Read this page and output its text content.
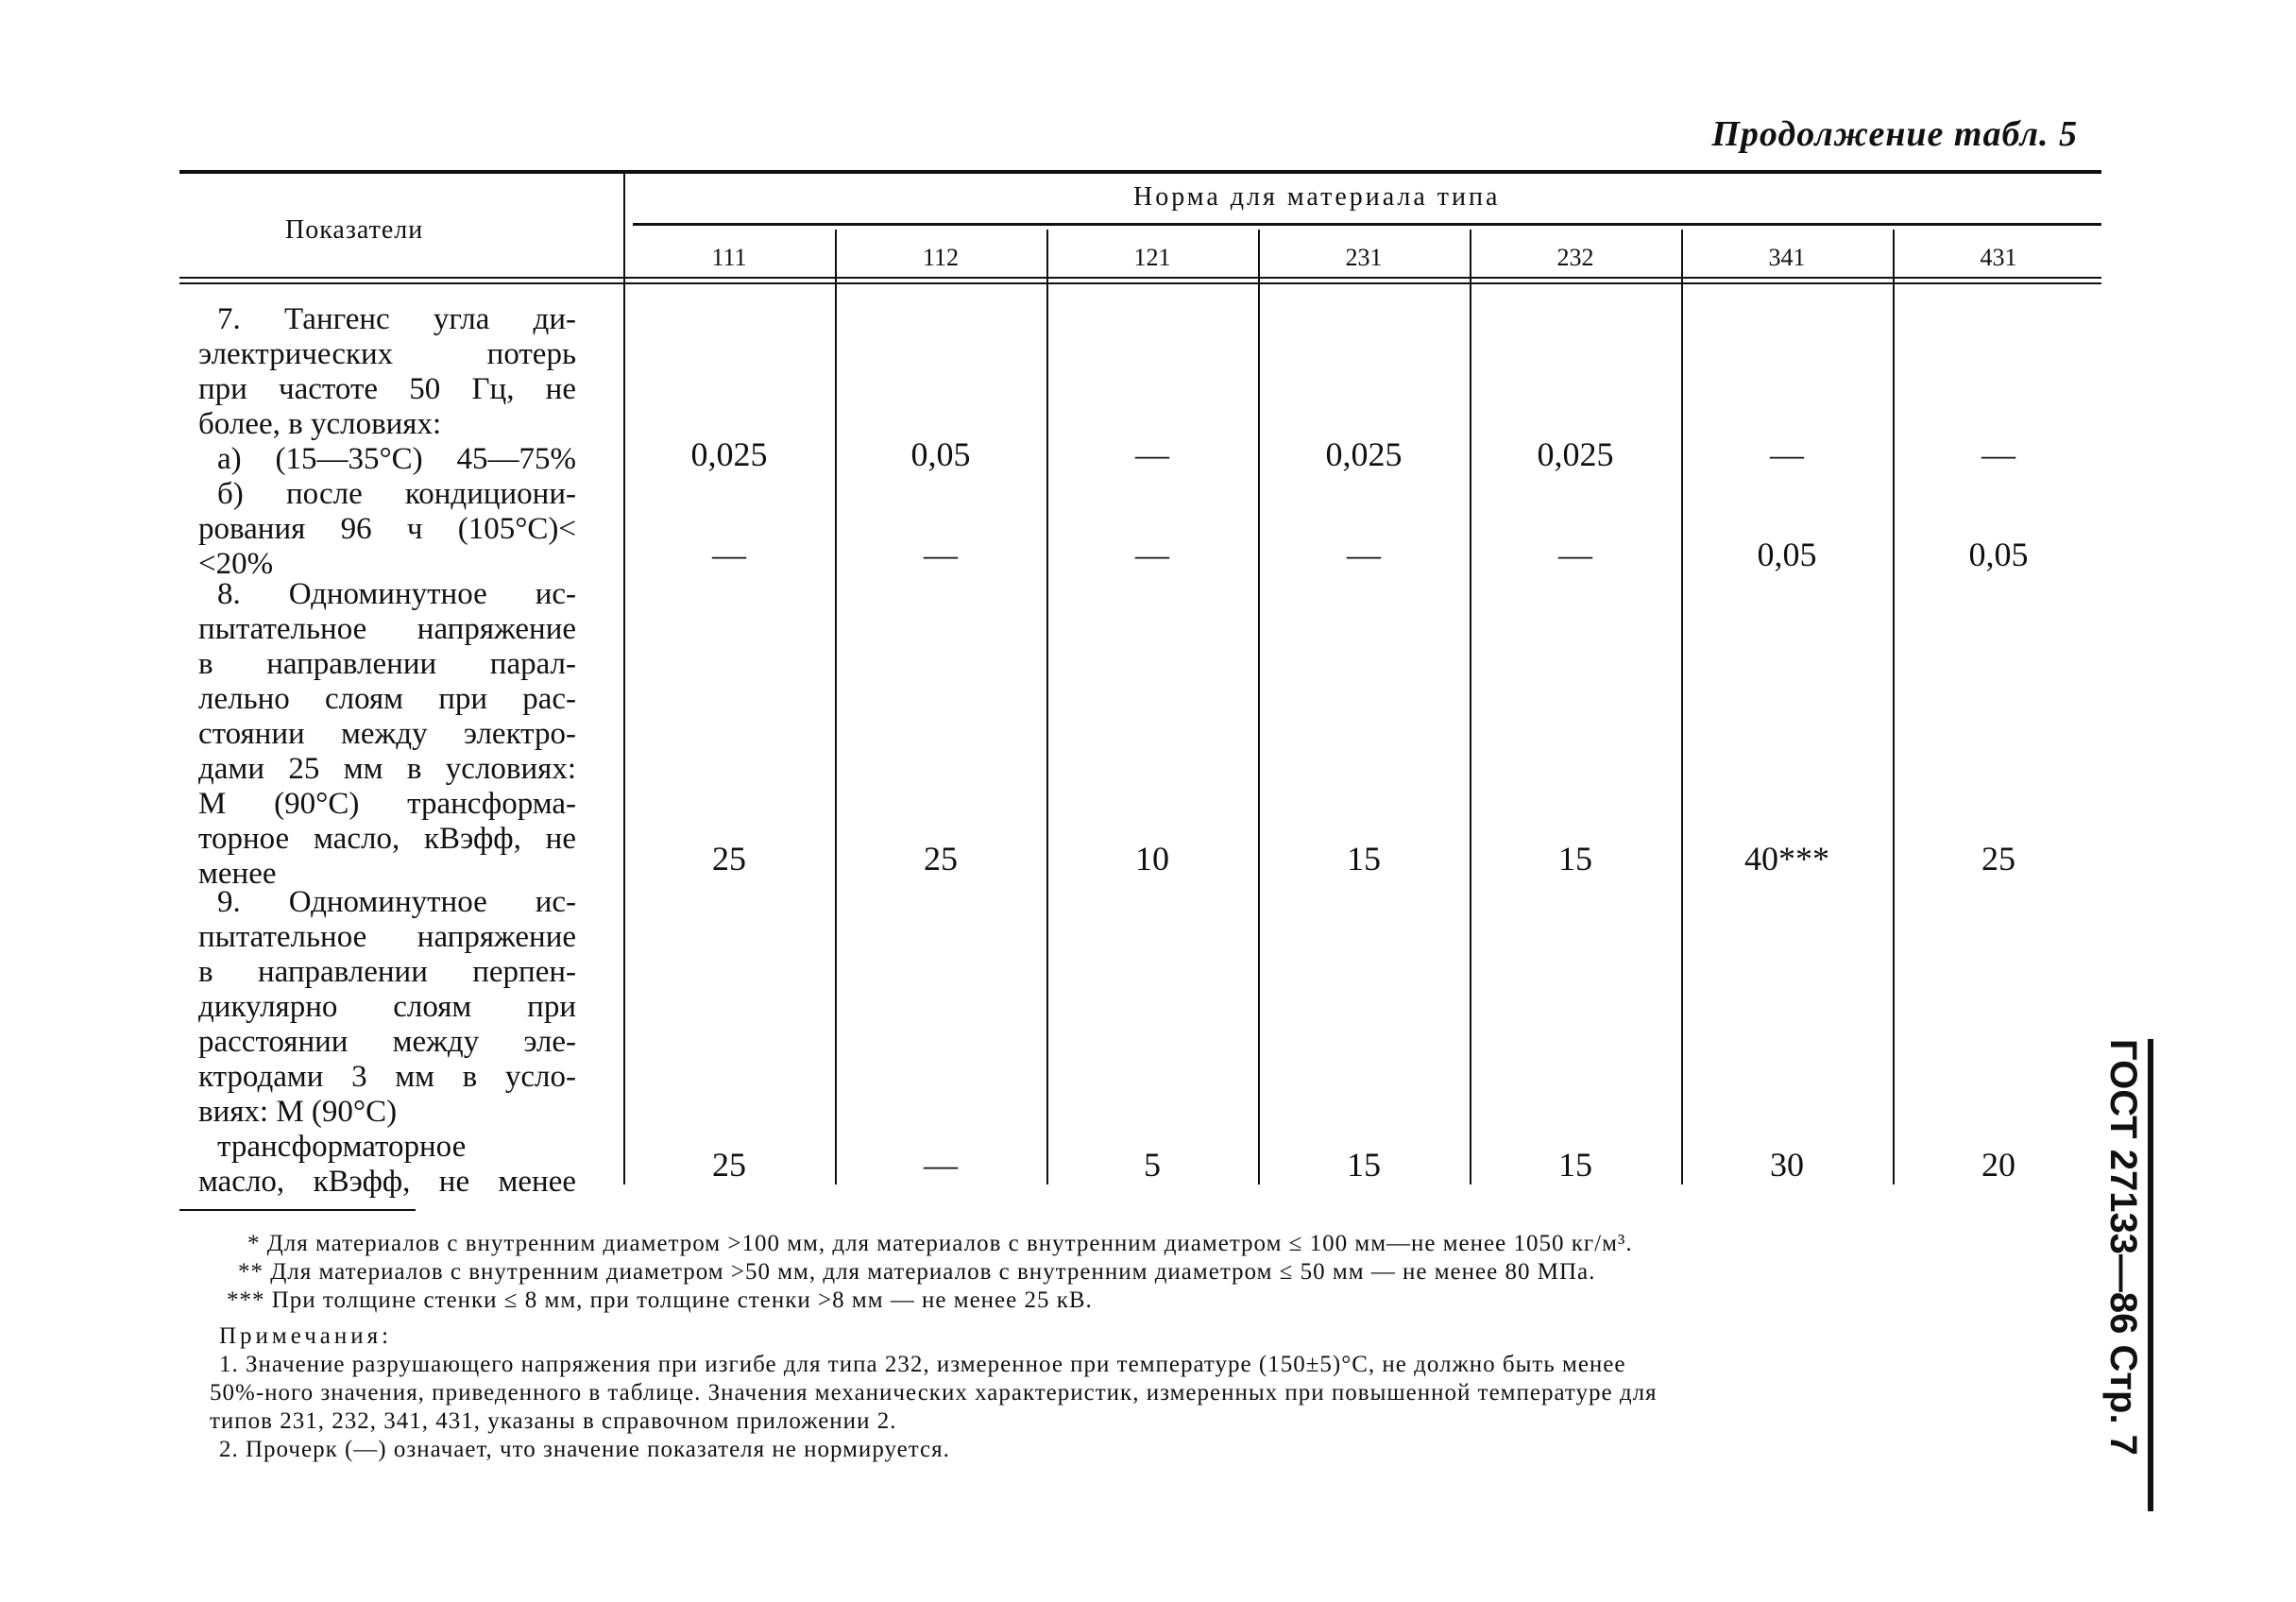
Продолжение табл. 5
Показатели
Норма для материала типа
111	112	121	231	232	341	431
7. Тангенс угла ди-
электрических потерь
при частоте 50 Гц, не
более, в условиях:
а) (15—35°С) 45—75%
б) после кондициони-
рования 96 ч (105°С)<
<20%
0,025	0,05	—	0,025	0,025	—	—
—	—	—	—	—	0,05	0,05
8. Одноминутное ис-
пытательное напряжение
в направлении парал-
лельно слоям при рас-
стоянии между электро-
дами 25 мм в условиях:
М (90°С) трансформа-
торное масло, кВэфф, не
менее	25	25	10	15	15	40***	25
9. Одноминутное ис-
пытательное напряжение
в направлении перпен-
дикулярно слоям при
расстоянии между эле-
ктродами 3 мм в усло-
виях: М (90°С)
трансформаторное
масло, кВэфф, не менее	25	—	5	15	15	30	20
* Для материалов с внутренним диаметром >100 мм, для материалов с внутренним диаметром ≤ 100 мм—не менее 1050 кг/м³.
** Для материалов с внутренним диаметром >50 мм, для материалов с внутренним диаметром ≤ 50 мм — не менее 80 МПа.
*** При толщине стенки ≤ 8 мм, при толщине стенки >8 мм — не менее 25 кВ.
Примечания:
1. Значение разрушающего напряжения при изгибе для типа 232, измеренное при температуре (150±5)°С, не должно быть менее
50%-ного значения, приведенного в таблице. Значения механических характеристик, измеренных при повышенной температуре для
типов 231, 232, 341, 431, указаны в справочном приложении 2.
2. Прочерк (—) означает, что значение показателя не нормируется.	ГОСТ 27133—86 Стр. 7
